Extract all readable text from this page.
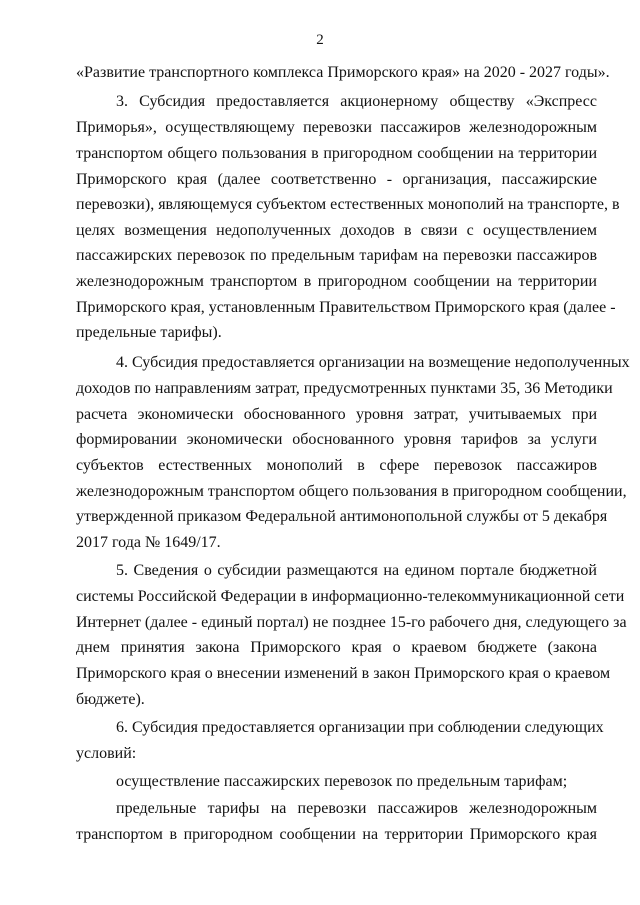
2
«Развитие транспортного комплекса Приморского края» на 2020 - 2027 годы».
3. Субсидия предоставляется акционерному обществу «Экспресс
Приморья», осуществляющему перевозки пассажиров железнодорожным
транспортом общего пользования в пригородном сообщении на территории
Приморского края (далее соответственно - организация, пассажирские
перевозки), являющемуся субъектом естественных монополий на транспорте, в
целях возмещения недополученных доходов в связи с осуществлением
пассажирских перевозок по предельным тарифам на перевозки пассажиров
железнодорожным транспортом в пригородном сообщении на территории
Приморского края, установленным Правительством Приморского края (далее -
предельные тарифы).
4. Субсидия предоставляется организации на возмещение недополученных
доходов по направлениям затрат, предусмотренных пунктами 35, 36 Методики
расчета экономически обоснованного уровня затрат, учитываемых при
формировании экономически обоснованного уровня тарифов за услуги
субъектов естественных монополий в сфере перевозок пассажиров
железнодорожным транспортом общего пользования в пригородном сообщении,
утвержденной приказом Федеральной антимонопольной службы от 5 декабря
2017 года № 1649/17.
5. Сведения о субсидии размещаются на едином портале бюджетной
системы Российской Федерации в информационно-телекоммуникационной сети
Интернет (далее - единый портал) не позднее 15-го рабочего дня, следующего за
днем принятия закона Приморского края о краевом бюджете (закона
Приморского края о внесении изменений в закон Приморского края о краевом
бюджете).
6. Субсидия предоставляется организации при соблюдении следующих
условий:
осуществление пассажирских перевозок по предельным тарифам;
предельные тарифы на перевозки пассажиров железнодорожным
транспортом в пригородном сообщении на территории Приморского края
